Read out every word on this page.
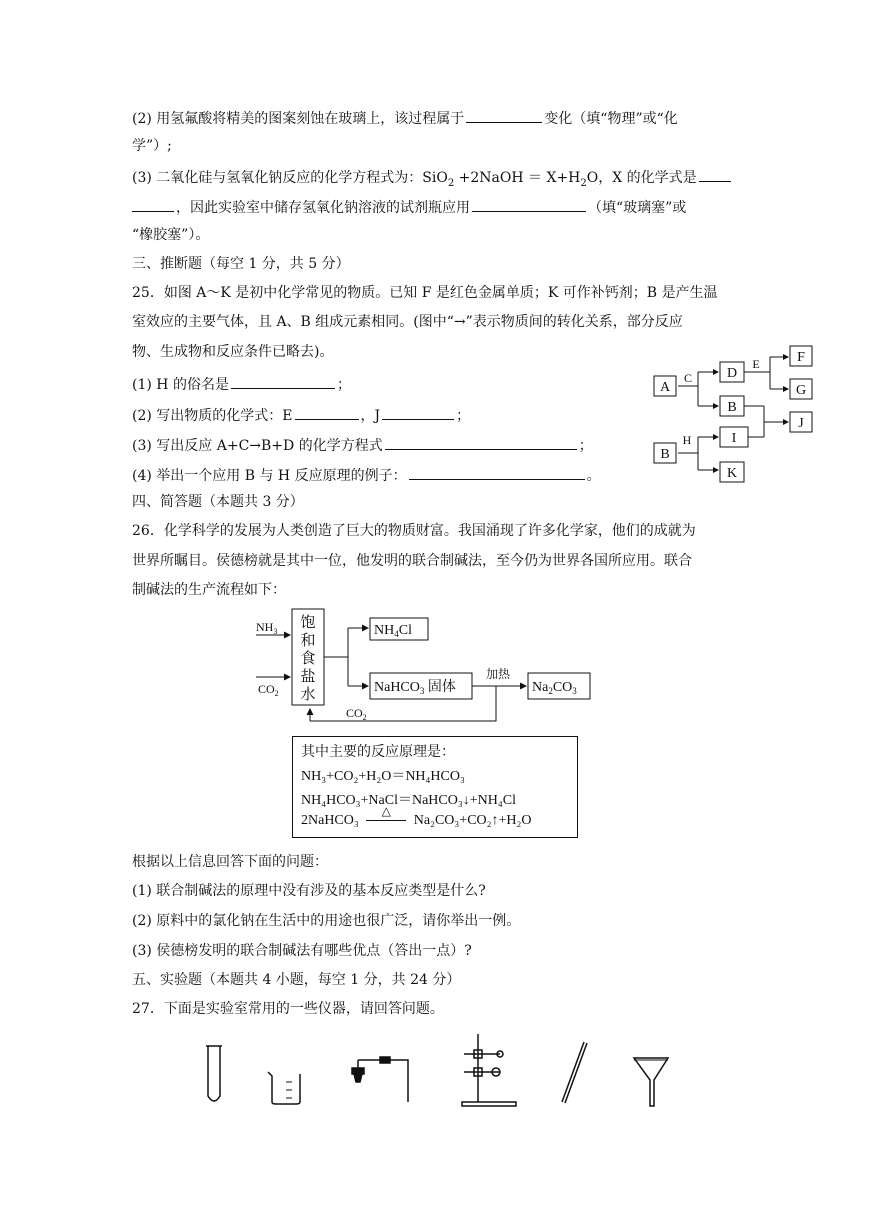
(2) 用氢氟酸将精美的图案刻蚀在玻璃上，该过程属于	变化（填“物理”或“化
学”）;
(3) 二氧化硅与氢氧化钠反应的化学方程式为：SiO$_2$ +2NaOH ＝ $X+H_2O$，X 的化学式是
，因此实验室中储存氢氧化钠溶液的试剂瓶应用	（填“玻璃塞”或
“橡胶塞”）。
三、推断题（每空 1 分，共 5 分）
25．如图 A～K 是初中化学常见的物质。已知 F 是红色金属单质；K 可作补钙剂；B 是产生温
室效应的主要气体，且 A、B 组成元素相同。(图中“→”表示物质间的转化关系，部分反应
物、生成物和反应条件已略去)。
(1) H 的俗名是	；
(2) 写出物质的化学式：E	，J	；
(3) 写出反应 A+C→B+D 的化学方程式	；
(4) 举出一个应用 B 与 H 反应原理的例子：	。
A
C D
E
B
F
G
J
I
B
H
K
四、简答题（本题共 3 分）
26．化学科学的发展为人类创造了巨大的物质财富。我国涌现了许多化学家，他们的成就为
世界所瞩目。侯德榜就是其中一位，他发明的联合制碱法，至今仍为世界各国所应用。联合
制碱法的生产流程如下：
饱
和
食
盐
水
$NH_3$
$CO_2$
$NH_4Cl$
NaHCO$_3$ 固体
加热
$Na_2CO_3$
$CO_2$
其中主要的反应原理是：
NH₃+CO₂+H₂O＝NH₄HCO₃
NH₄HCO₃+NaCl＝NaHCO₃↓+NH₄Cl
2NaHCO₃
△
Na₂CO₃+CO₂↑+H₂O
根据以上信息回答下面的问题：
(1) 联合制碱法的原理中没有涉及的基本反应类型是什么?
(2) 原料中的氯化钠在生活中的用途也很广泛，请你举出一例。
(3) 侯德榜发明的联合制碱法有哪些优点（答出一点）?
五、实验题（本题共 4 小题，每空 1 分，共 24 分）
27．下面是实验室常用的一些仪器，请回答问题。
